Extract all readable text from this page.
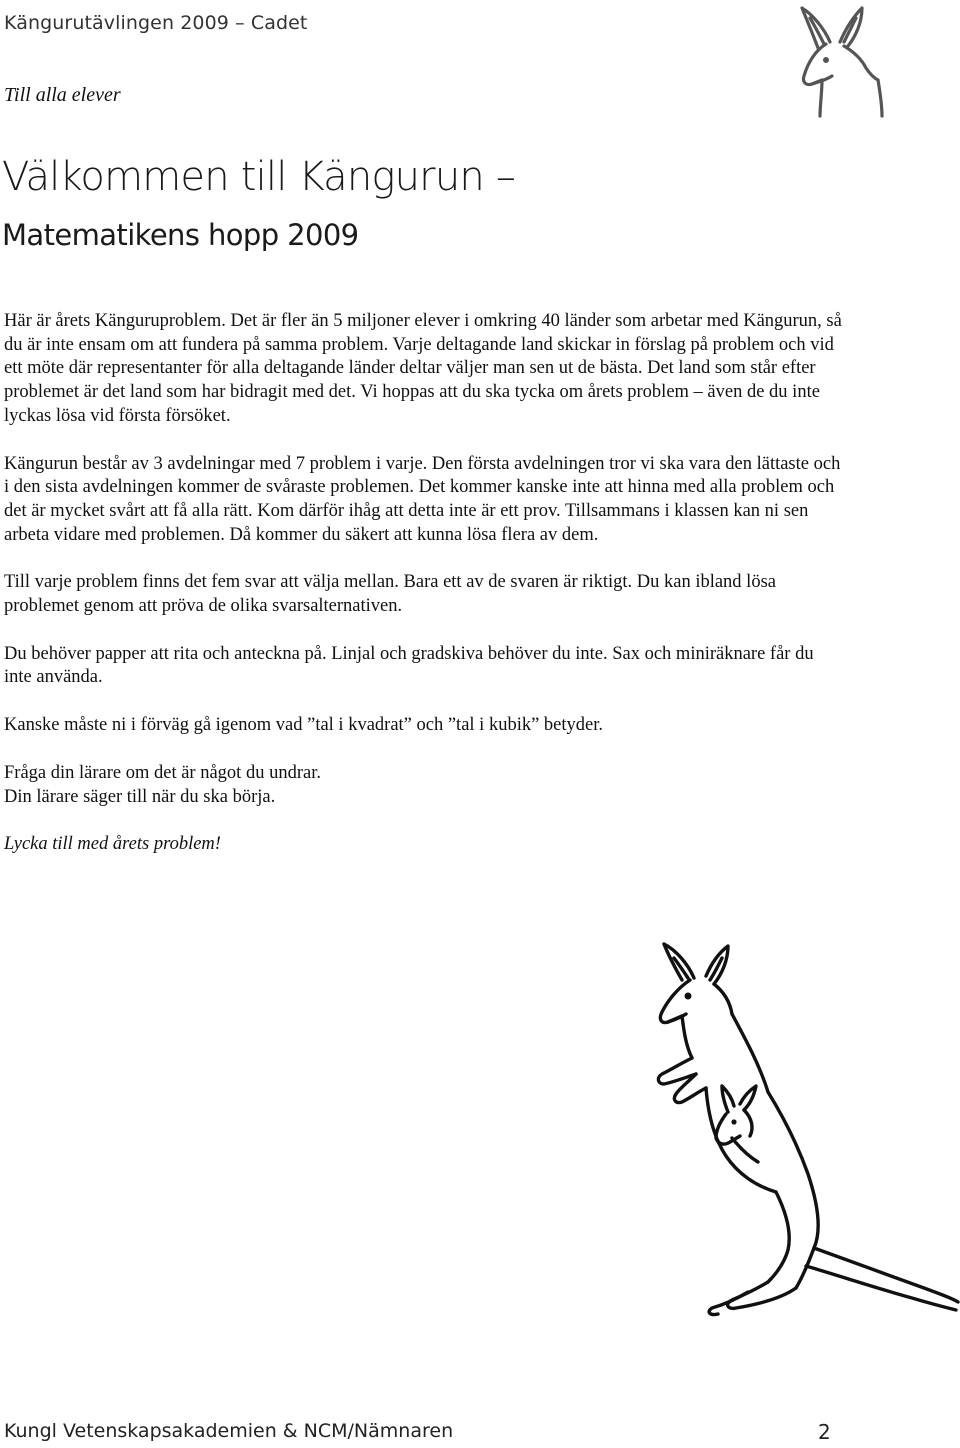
Kängurutävlingen 2009 – Cadet
Till alla elever
Välkommen till Kängurun –
Matematikens hopp 2009

Här är årets Känguruproblem. Det är fler än 5 miljoner elever i omkring 40 länder som arbetar med Kängurun, så du är inte ensam om att fundera på samma problem. Varje deltagande land skickar in förslag på problem och vid ett möte där representanter för alla deltagande länder deltar väljer man sen ut de bästa. Det land som står efter problemet är det land som har bidragit med det. Vi hoppas att du ska tycka om årets problem – även de du inte lyckas lösa vid första försöket.

Kängurun består av 3 avdelningar med 7 problem i varje. Den första avdelningen tror vi ska vara den lättaste och i den sista avdelningen kommer de svåraste problemen. Det kommer kanske inte att hinna med alla problem och det är mycket svårt att få alla rätt. Kom därför ihåg att detta inte är ett prov. Tillsammans i klassen kan ni sen arbeta vidare med problemen. Då kommer du säkert att kunna lösa flera av dem.

Till varje problem finns det fem svar att välja mellan. Bara ett av de svaren är riktigt. Du kan ibland lösa problemet genom att pröva de olika svarsalternativen.

Du behöver papper att rita och anteckna på. Linjal och gradskiva behöver du inte. Sax och miniräknare får du inte använda.

Kanske måste ni i förväg gå igenom vad ”tal i kvadrat” och ”tal i kubik” betyder.

Fråga din lärare om det är något du undrar.
Din lärare säger till när du ska börja.

Lycka till med årets problem!

Kungl Vetenskapsakademien & NCM/Nämnaren	2
